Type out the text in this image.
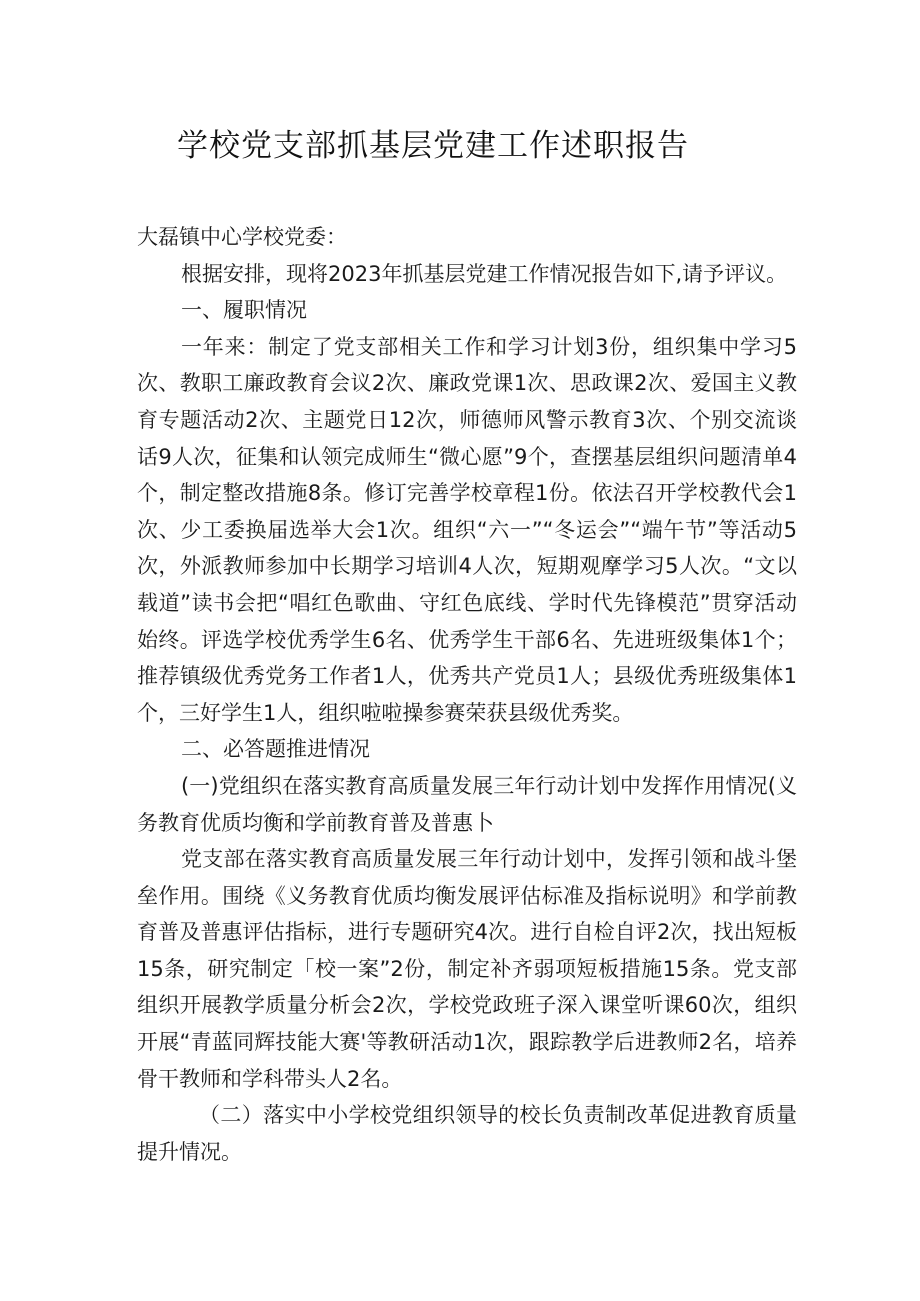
学校党支部抓基层党建工作述职报告

大磊镇中心学校党委：

根据安排，现将2023年抓基层党建工作情况报告如下,请予评议。

一、履职情况

一年来：制定了党支部相关工作和学习计划3份，组织集中学习5次、教职工廉政教育会议2次、廉政党课1次、思政课2次、爱国主义教育专题活动2次、主题党日12次，师德师风警示教育3次、个别交流谈话9人次，征集和认领完成师生“微心愿”9个，查摆基层组织问题清单4个，制定整改措施8条。修订完善学校章程1份。依法召开学校教代会1次、少工委换届选举大会1次。组织“六一”“冬运会”“端午节”等活动5次，外派教师参加中长期学习培训4人次，短期观摩学习5人次。“文以载道”读书会把“唱红色歌曲、守红色底线、学时代先锋模范”贯穿活动始终。评选学校优秀学生6名、优秀学生干部6名、先进班级集体1个；推荐镇级优秀党务工作者1人，优秀共产党员1人；县级优秀班级集体1个，三好学生1人，组织啦啦操参赛荣获县级优秀奖。

二、必答题推进情况

(一)党组织在落实教育高质量发展三年行动计划中发挥作用情况(义务教育优质均衡和学前教育普及普惠卜

党支部在落实教育高质量发展三年行动计划中，发挥引领和战斗堡垒作用。围绕《义务教育优质均衡发展评估标准及指标说明》和学前教育普及普惠评估指标，进行专题研究4次。进行自检自评2次，找出短板15条，研究制定「校一案”2份，制定补齐弱项短板措施15条。党支部组织开展教学质量分析会2次，学校党政班子深入课堂听课60次，组织开展“青蓝同辉技能大赛'等教研活动1次，跟踪教学后进教师2名，培养骨干教师和学科带头人2名。

（二）落实中小学校党组织领导的校长负责制改革促进教育质量提升情况。
